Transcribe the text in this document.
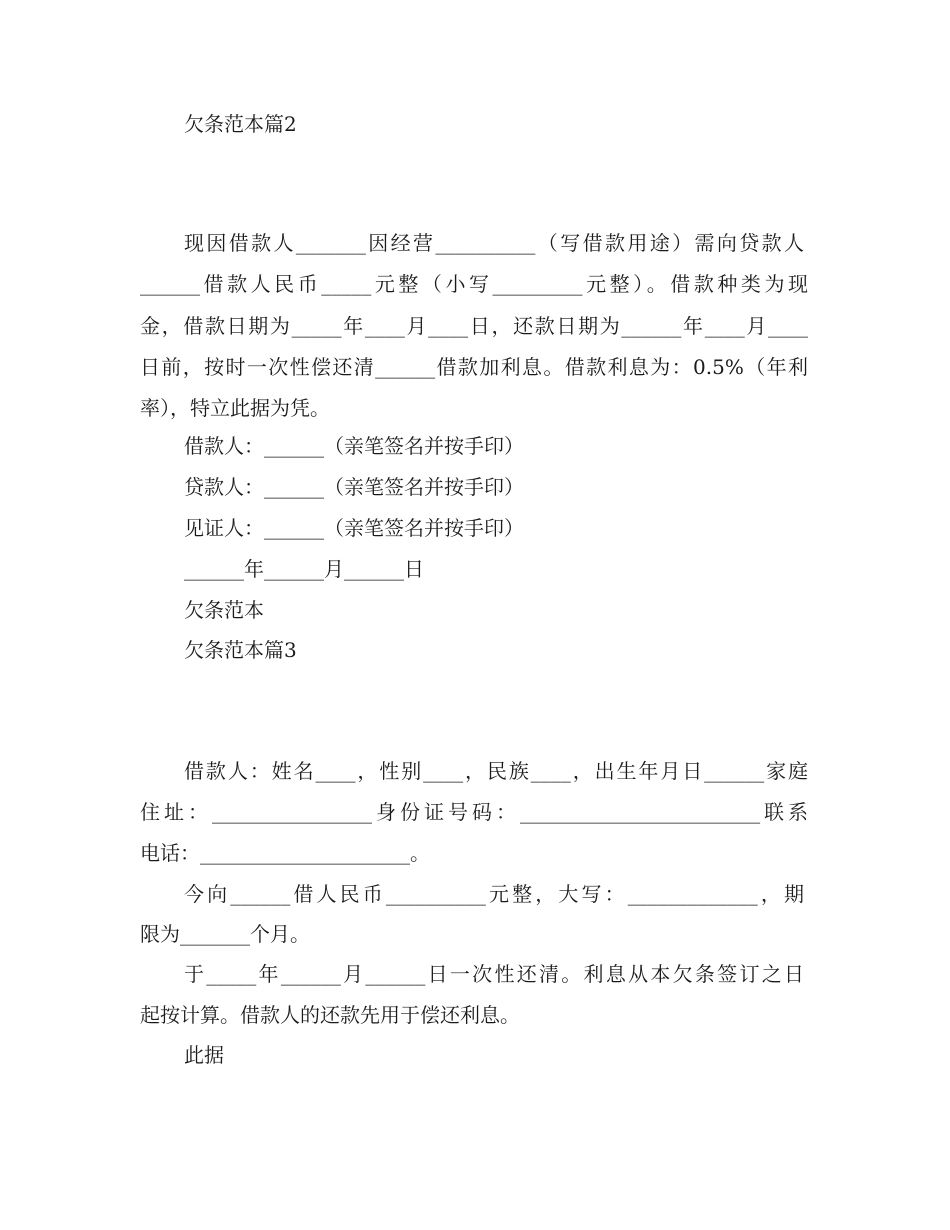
欠条范本篇2

现因借款人_______因经营__________（写借款用途）需向贷款人

______借款人民币_____元整（小写_________元整）。借款种类为现

金，借款日期为_____年____月____日，还款日期为______年____月____

日前，按时一次性偿还清______借款加利息。借款利息为：0.5%（年利

率），特立此据为凭。

借款人：______（亲笔签名并按手印）

贷款人：______（亲笔签名并按手印）

见证人：______（亲笔签名并按手印）

______年______月______日

欠条范本

欠条范本篇3

借款人：姓名____，性别____，民族____，出生年月日______家庭

住址：________________身份证号码：________________________联系

电话：_____________________。

今向______借人民币__________元整，大写：_____________，期

限为_______个月。

于_____年______月______日一次性还清。利息从本欠条签订之日

起按计算。借款人的还款先用于偿还利息。

此据
